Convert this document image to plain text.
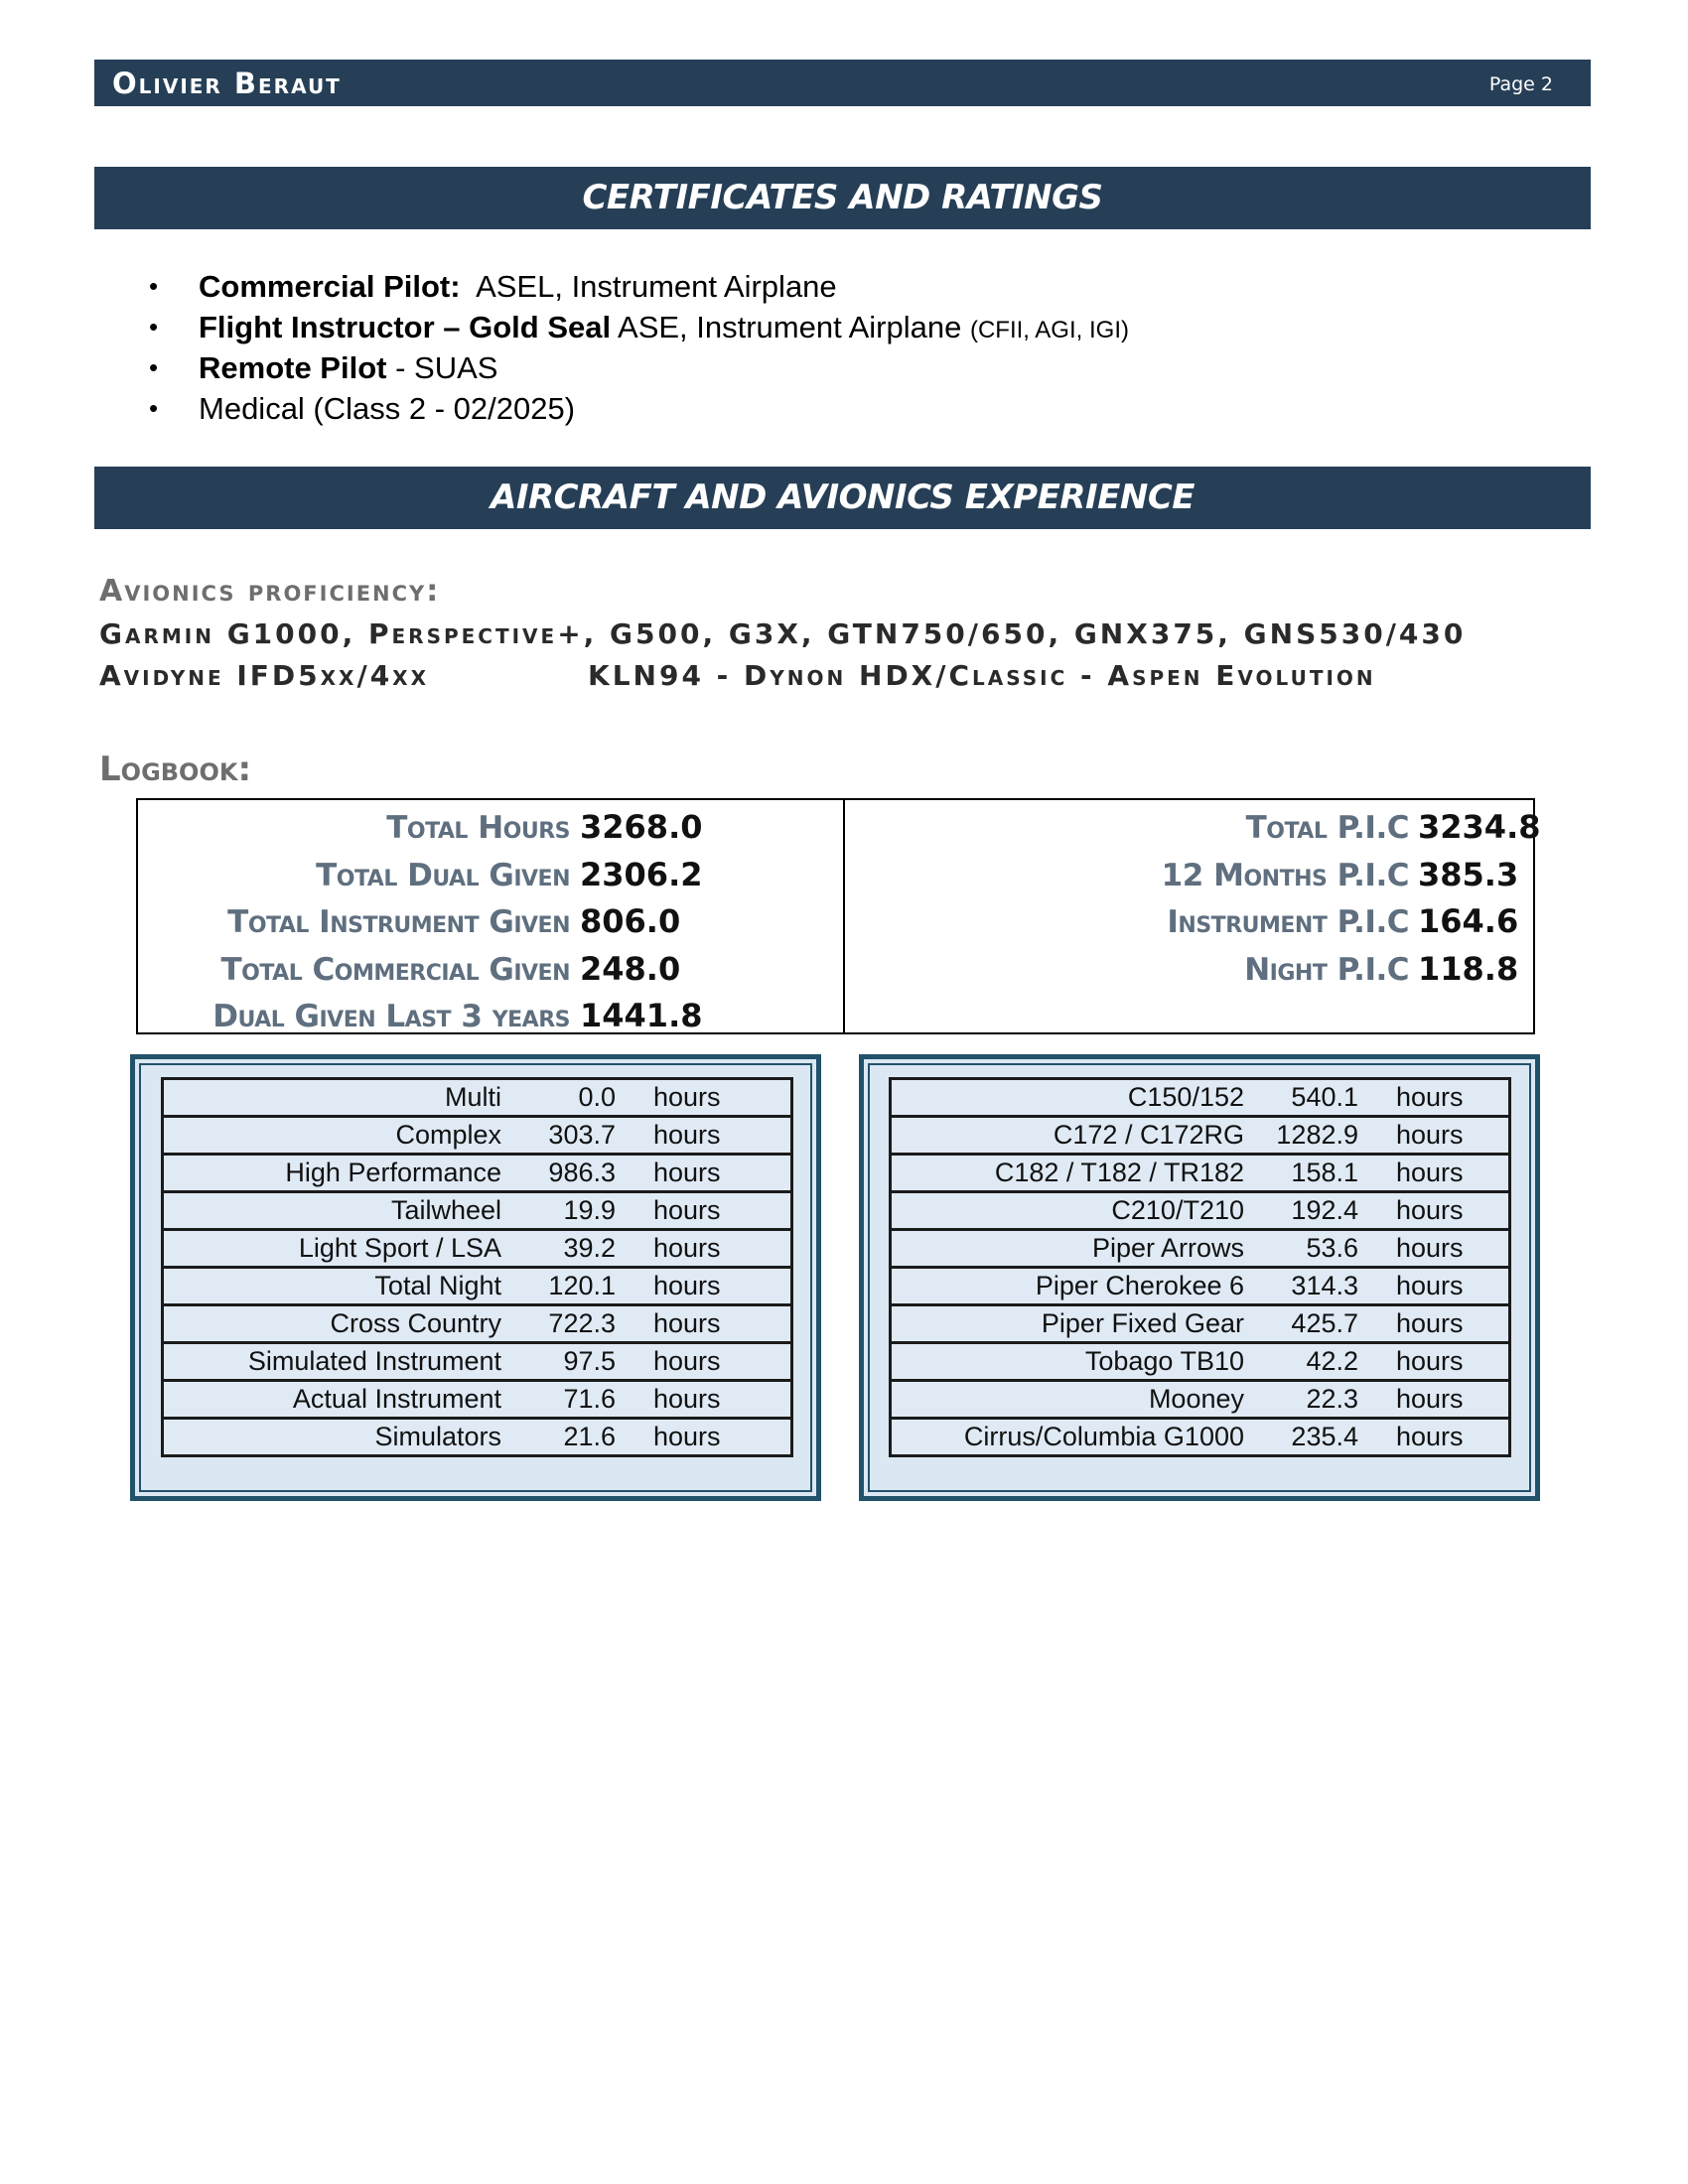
Olivier Beraut	Page 2
CERTIFICATES AND RATINGS
• Commercial Pilot:  ASEL, Instrument Airplane
• Flight Instructor – Gold Seal ASE, Instrument Airplane (CFII, AGI, IGI)
• Remote Pilot - SUAS
• Medical (Class 2 - 02/2025)
AIRCRAFT AND AVIONICS EXPERIENCE
Avionics proficiency:
Garmin G1000, Perspective+, G500, G3X, GTN750/650, GNX375, GNS530/430
Avidyne IFD5xx/4xx	KLN94 - Dynon HDX/Classic - Aspen Evolution
Logbook:
Total Hours 3268.0
Total Dual Given 2306.2
Total Instrument Given 806.0
Total Commercial Given 248.0
Dual Given Last 3 years 1441.8
Total P.I.C 3234.8
12 Months P.I.C 385.3
Instrument P.I.C 164.6
Night P.I.C 118.8
Multi	0.0	hours
Complex	303.7	hours
High Performance	986.3	hours
Tailwheel	19.9	hours
Light Sport / LSA	39.2	hours
Total Night	120.1	hours
Cross Country	722.3	hours
Simulated Instrument	97.5	hours
Actual Instrument	71.6	hours
Simulators	21.6	hours
C150/152	540.1	hours
C172 / C172RG	1282.9	hours
C182 / T182 / TR182	158.1	hours
C210/T210	192.4	hours
Piper Arrows	53.6	hours
Piper Cherokee 6	314.3	hours
Piper Fixed Gear	425.7	hours
Tobago TB10	42.2	hours
Mooney	22.3	hours
Cirrus/Columbia G1000	235.4	hours
